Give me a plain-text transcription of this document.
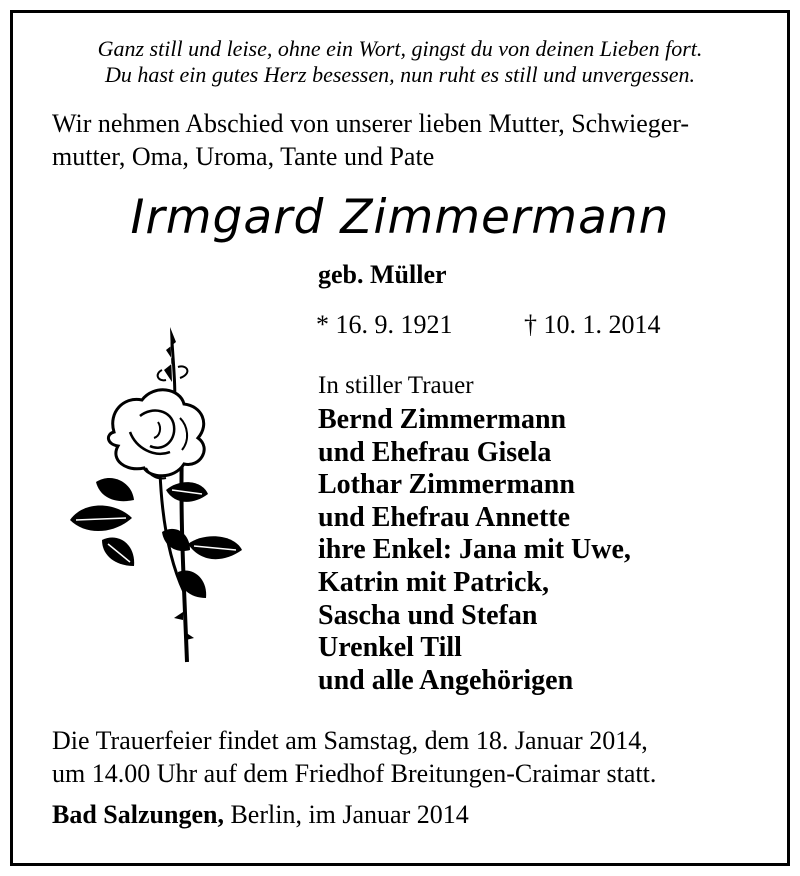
Ganz still und leise, ohne ein Wort, gingst du von deinen Lieben fort.
Du hast ein gutes Herz besessen, nun ruht es still und unvergessen.
Wir nehmen Abschied von unserer lieben Mutter, Schwieger-
mutter, Oma, Uroma, Tante und Pate
Irmgard Zimmermann
geb. Müller
* 16. 9. 1921	† 10. 1. 2014
In stiller Trauer
Bernd Zimmermann
und Ehefrau Gisela
Lothar Zimmermann
und Ehefrau Annette
ihre Enkel: Jana mit Uwe,
Katrin mit Patrick,
Sascha und Stefan
Urenkel Till
und alle Angehörigen
Die Trauerfeier findet am Samstag, dem 18. Januar 2014,
um 14.00 Uhr auf dem Friedhof Breitungen-Craimar statt.
Bad Salzungen, Berlin, im Januar 2014
